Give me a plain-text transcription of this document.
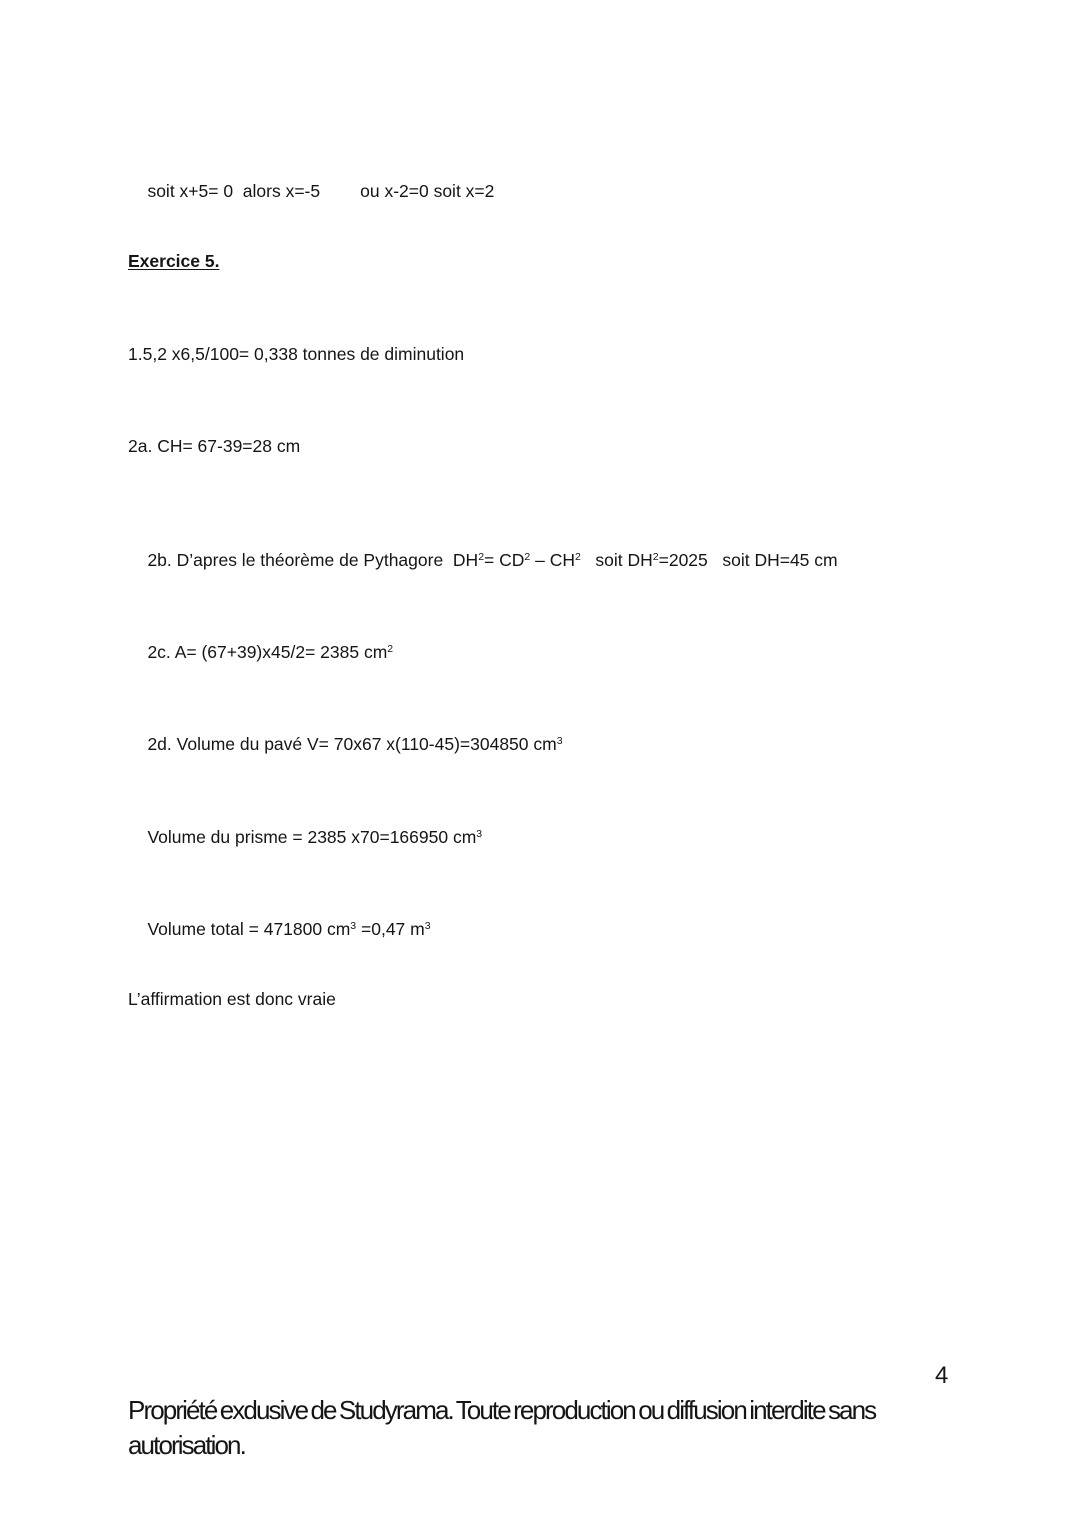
soit x+5= 0  alors x=-5 ou x-2=0 soit x=2

Exercice 5.
1.5,2 x6,5/100= 0,338 tonnes de diminution
2a. CH= 67-39=28 cm

2b. D’apres le théorème de Pythagore  $DH^2= CD^2 - CH^2$   soit $DH^2=2025$   soit DH=45 cm

2c. A= (67+39)x45/2= 2385 $cm^2$

2d. Volume du pavé V= 70x67 x(110-45)=304850 $cm^3$

Volume du prisme = 2385 x70=166950 $cm^3$

Volume total = 471800 $cm^3 =0,47$ $m^3$

L’affirmation est donc vraie
4
Propriété exdusive de Studyrama. Toute reproduction ou diffusion interdite sans
autorisation.
